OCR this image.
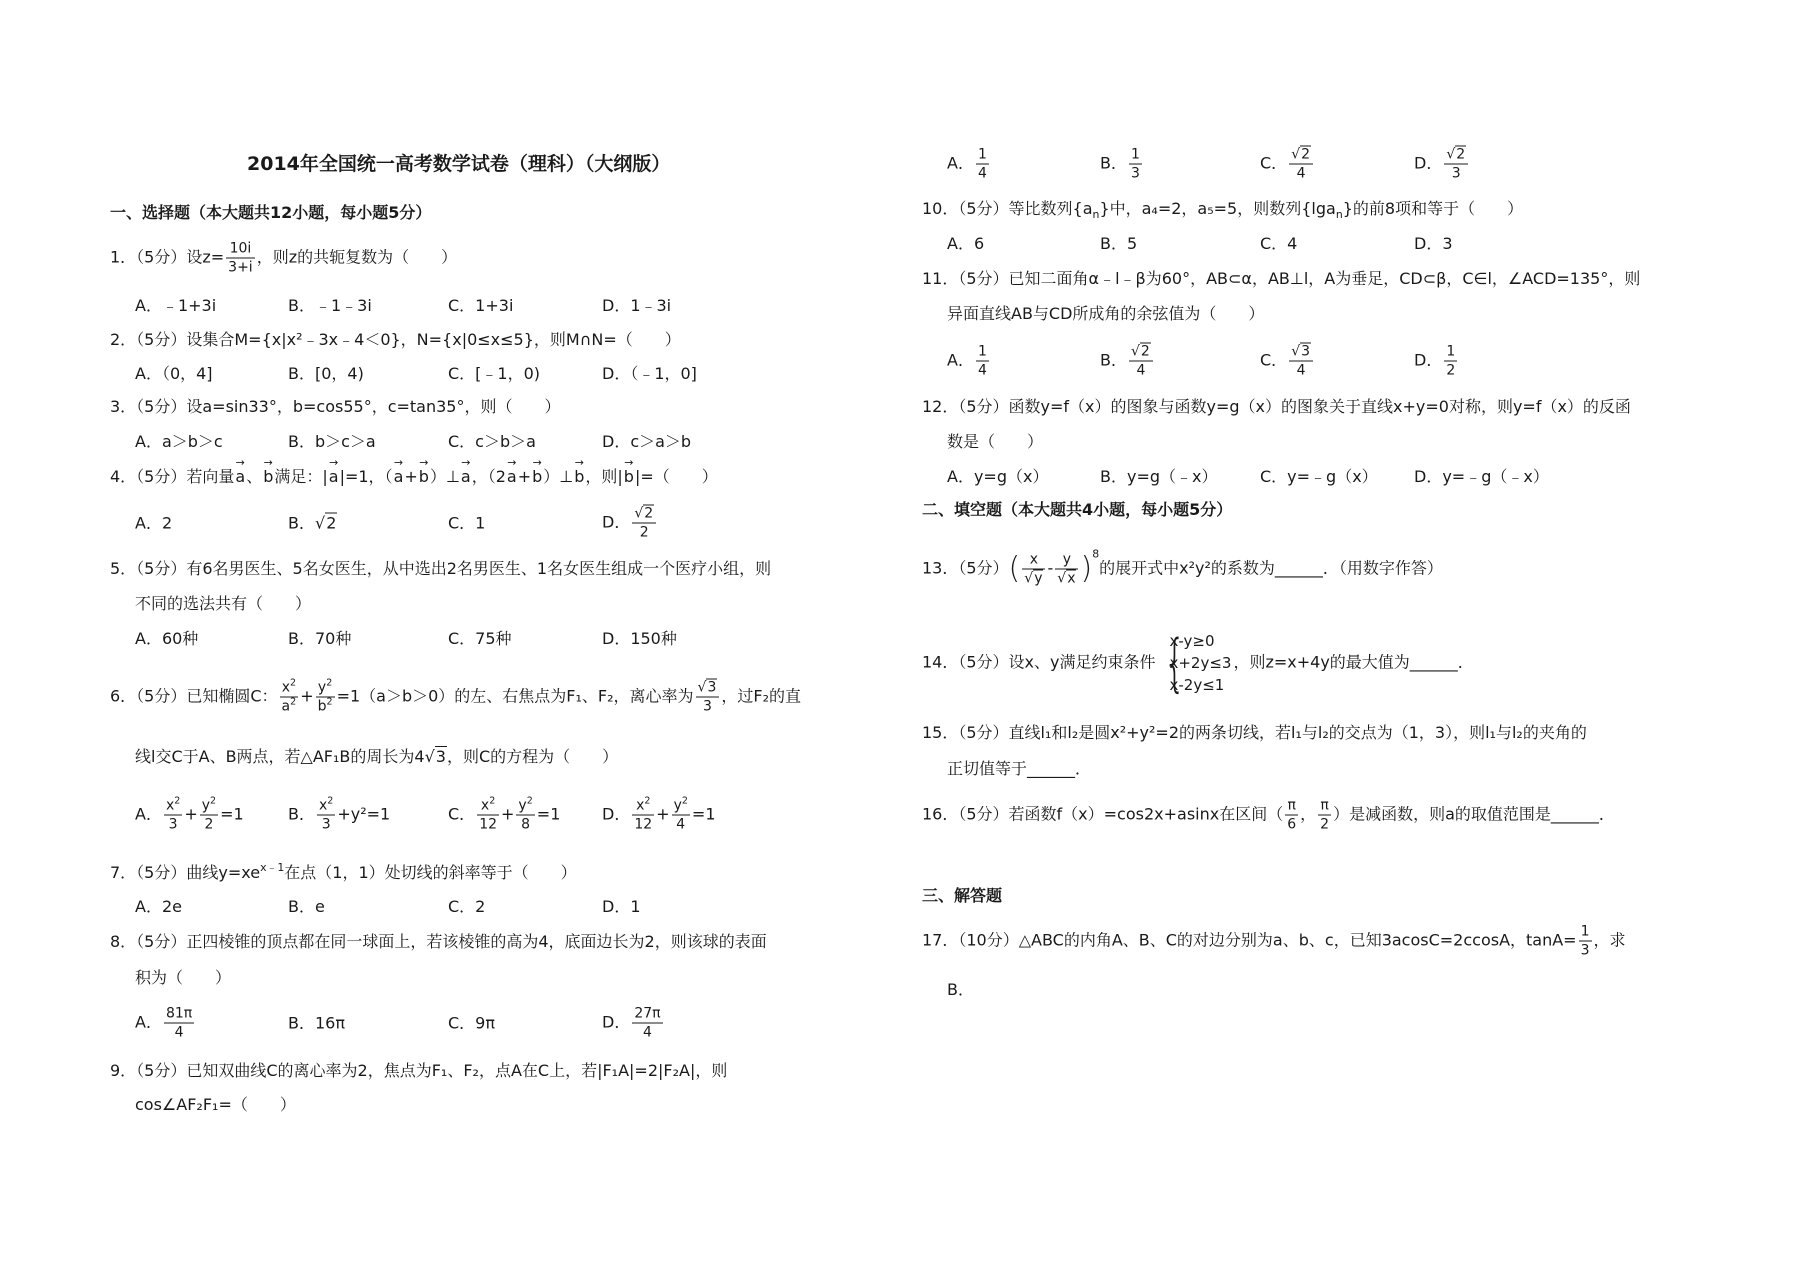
2014年全国统一高考数学试卷（理科）（大纲版）
一、选择题（本大题共12小题，每小题5分）
1．（5分）设$z= \frac{10i}{3+i}$ ，则z的共轭复数为（　　）
A．﹣1+3i	B．﹣1﹣3i	C．1+3i	D．1﹣3i
2．（5分）设集合M={x|x²﹣3x﹣4＜0}，N={x|0≤x≤5}，则M∩N=（　　）
A．（0，4]	B．[0，4)	C．[﹣1，0)	D．（﹣1，0]
3．（5分）设a=sin33°，b=cos55°，c=tan35°，则（　　）
A．a＞b＞c	B．b＞c＞a	C．c＞b＞a	D．c＞a＞b
4．（5分）若向量a →、b →满足：|a →|=1，（a →+b →）⊥a →，（2a →+b →）⊥b →，则|b →|=（　　）
A．2	B． √ 2	C．1	D． √ $\frac{2}{2}$
5．（5分）有6名男医生、5名女医生，从中选出2名男医生、1名女医生组成一个医疗小组，则
不同的选法共有（　　）
A．60种	B．70种	C．75种	D．150种
6．（5分）已知椭圆C： $\frac{x2}{a2} + \frac{y2}{b2} =1(a>b>0)$的左、右焦点为F₁、F₂，离心率为 √ $\frac{3}{3}$ ，过F₂的直
线l交C于A、B两点，若△AF₁B的周长为4 √ 3，则C的方程为（　　）
A． $\frac{x2}{3} + \frac{y2}{2} =1$	B． $\frac{x2}{3} +y^2=1$	C． $\frac{x2}{12} + \frac{y2}{8} =1$	D． $\frac{x2}{12} + \frac{y2}{4} =1$
7．（5分）曲线y=xex﹣1在点（1，1）处切线的斜率等于（　　）
A．2e	B．e	C．2	D．1
8．（5分）正四棱锥的顶点都在同一球面上，若该棱锥的高为4，底面边长为2，则该球的表面
积为（　　）
A． $\frac{81\pi}{4}$	B．16π	C．9π	D． $\frac{27\pi}{4}$
9．（5分）已知双曲线C的离心率为2，焦点为F₁、F₂，点A在C上，若|F₁A|=2|F₂A|，则
cos∠AF₂F₁=（　　）
A． $\frac{1}{4}$	B． $\frac{1}{3}$	C． √ $\frac{2}{4}$	D． √ $\frac{2}{3}$
10．（5分）等比数列{an}中，a₄=2，a₅=5，则数列{lgan}的前8项和等于（　　）
A．6	B．5	C．4	D．3
11．（5分）已知二面角α﹣l﹣β为60°，AB⊂α，AB⊥l，A为垂足，CD⊂β，C∈l，∠ACD=135°，则
异面直线AB与CD所成角的余弦值为（　　）
A． $\frac{1}{4}$	B． √ $\frac{2}{4}$	C． √ $\frac{3}{4}$	D． $\frac{1}{2}$
12．（5分）函数y=f（x）的图象与函数y=g（x）的图象关于直线x+y=0对称，则y=f（x）的反函
数是（　　）
A．y=g（x）	B．y=g（﹣x）	C．y=﹣g（x）	D．y=﹣g（﹣x）
二、填空题（本大题共4小题，每小题5分）
13．（5分）( x
√ y - y
√ x )8的展开式中x²y²的系数为______．（用数字作答）
14．（5分）设x、y满足约束条件
{ x-y≥0
x+2y≤3
x-2y≤1
，则z=x+4y的最大值为______．
15．（5分）直线l₁和l₂是圆x²+y²=2的两条切线，若l₁与l₂的交点为（1，3），则l₁与l₂的夹角的
正切值等于______．
16．（5分）若函数f（x）=cos2x+asinx在区间（ $\frac{\pi}{6}$ ， $\frac{\pi}{2}$ ）是减函数，则a的取值范围是______．
三、解答题
17．（10分）△ABC的内角A、B、C的对边分别为a、b、c，已知3acosC=2ccosA，$\tan A= \frac{1}{3}$ ，求
B．
